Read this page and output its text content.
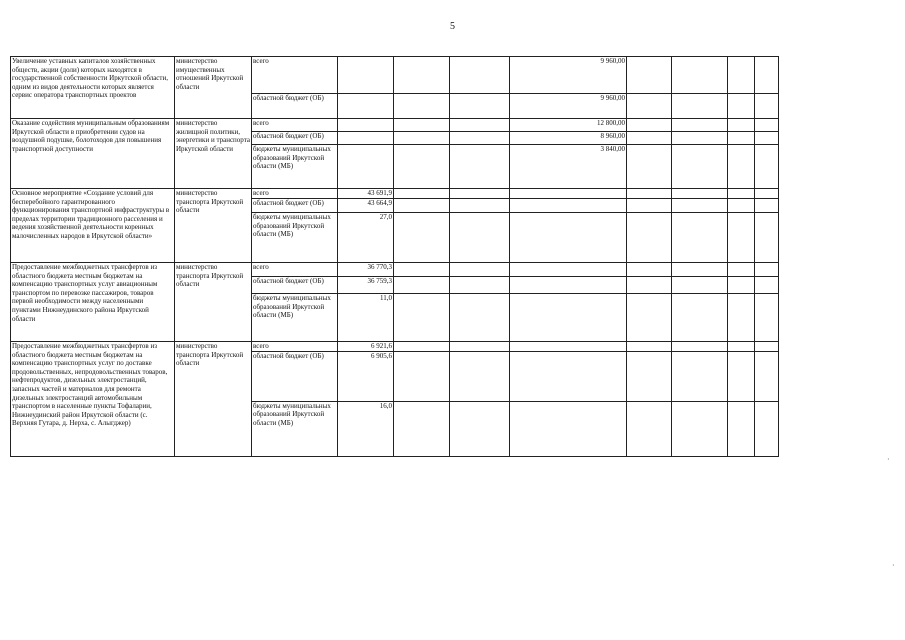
5
Увеличение уставных капиталов хозяйственных обществ, акции (доли) которых находятся в государственной собственности Иркутской области, одним из видов деятельности которых является сервис оператора транспортных проектов	министерство имущественных отношений Иркутской области	всего				9 960,00				
		областной бюджет (ОБ)				9 960,00				
Оказание содействия муниципальным образованиям Иркутской области в приобретении судов на воздушной подушке, болотоходов для повышения транспортной доступности	министерство жилищной политики, энергетики и транспорта Иркутской области	всего				12 800,00				
		областной бюджет (ОБ)				8 960,00				
		бюджеты муниципальных образований Иркутской области (МБ)				3 840,00				
Основное мероприятие «Создание условий для бесперебойного гарантированного функционирования транспортной инфраструктуры в пределах территории традиционного расселения и ведения хозяйственной деятельности коренных малочисленных народов в Иркутской области»	министерство транспорта Иркутской области	всего	43 691,9							
		областной бюджет (ОБ)	43 664,9							
		бюджеты муниципальных образований Иркутской области (МБ)	27,0							
Предоставление межбюджетных трансфертов из областного бюджета местным бюджетам на компенсацию транспортных услуг авиационным транспортом по перевозке пассажиров, товаров первой необходимости между населенными пунктами Нижнеудинского района Иркутской области	министерство транспорта Иркутской области	всего	36 770,3							
		областной бюджет (ОБ)	36 759,3							
		бюджеты муниципальных образований Иркутской области (МБ)	11,0							
Предоставление межбюджетных трансфертов из областного бюджета местным бюджетам на компенсацию транспортных услуг по доставке продовольственных, непродовольственных товаров, нефтепродуктов, дизельных электростанций, запасных частей и материалов для ремонта дизельных электростанций автомобильным транспортом в населенные пункты Тофаларии, Нижнеудинский район Иркутской области (с. Верхняя Гутара, д. Нерха, с. Алыгджер)	министерство транспорта Иркутской области	всего	6 921,6							
		областной бюджет (ОБ)	6 905,6							
		бюджеты муниципальных образований Иркутской области (МБ)	16,0							
·
·
